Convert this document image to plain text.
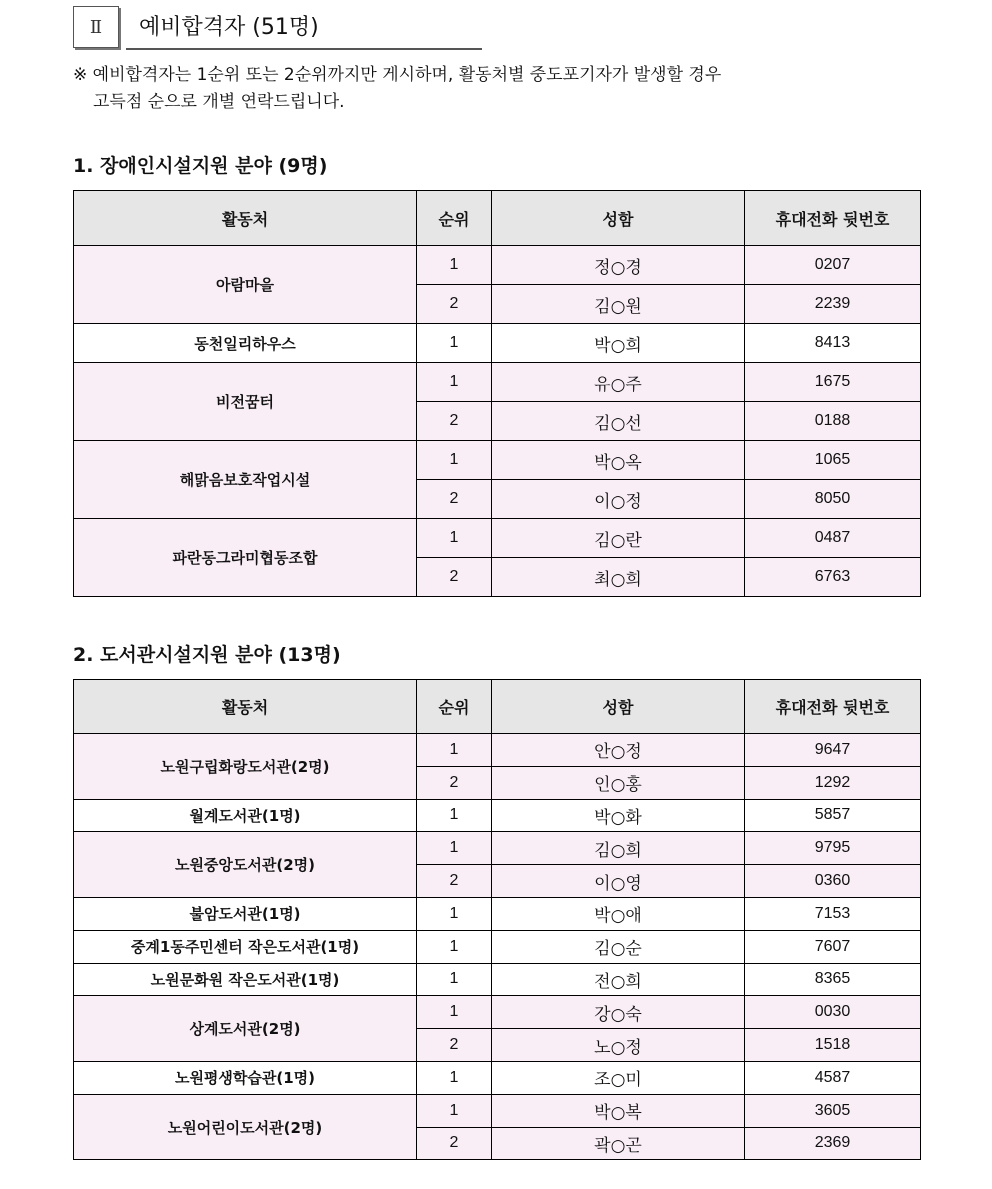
Ⅱ	예비합격자 (51명)
※ 예비합격자는 1순위 또는 2순위까지만 게시하며, 활동처별 중도포기자가 발생할 경우
고득점 순으로 개별 연락드립니다.
1. 장애인시설지원 분야 (9명)
활동처	순위	성함	휴대전화 뒷번호
아람마을	1	정○경	0207
	2	김○원	2239
동천일리하우스	1	박○희	8413
비전꿈터	1	유○주	1675
	2	김○선	0188
해맑음보호작업시설	1	박○옥	1065
	2	이○정	8050
파란동그라미협동조합	1	김○란	0487
	2	최○희	6763
2. 도서관시설지원 분야 (13명)
활동처	순위	성함	휴대전화 뒷번호
노원구립화랑도서관(2명)	1	안○정	9647
	2	인○홍	1292
월계도서관(1명)	1	박○화	5857
노원중앙도서관(2명)	1	김○희	9795
	2	이○영	0360
불암도서관(1명)	1	박○애	7153
중계1동주민센터 작은도서관(1명)	1	김○순	7607
노원문화원 작은도서관(1명)	1	전○희	8365
상계도서관(2명)	1	강○숙	0030
	2	노○정	1518
노원평생학습관(1명)	1	조○미	4587
노원어린이도서관(2명)	1	박○복	3605
	2	곽○곤	2369
